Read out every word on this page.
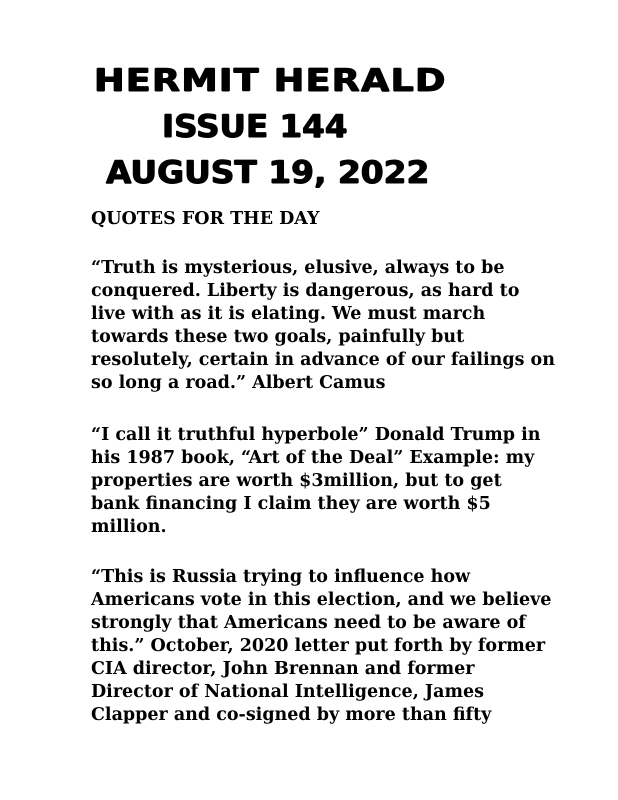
HERMIT HERALD
ISSUE 144
AUGUST 19, 2022
QUOTES FOR THE DAY
“Truth is mysterious, elusive, always to be
conquered. Liberty is dangerous, as hard to
live with as it is elating. We must march
towards these two goals, painfully but
resolutely, certain in advance of our failings on
so long a road.” Albert Camus
“I call it truthful hyperbole” Donald Trump in
his 1987 book, “Art of the Deal” Example: my
properties are worth $3million, but to get
bank financing I claim they are worth $5
million.
“This is Russia trying to influence how
Americans vote in this election, and we believe
strongly that Americans need to be aware of
this.” October, 2020 letter put forth by former
CIA director, John Brennan and former
Director of National Intelligence, James
Clapper and co-signed by more than fifty
